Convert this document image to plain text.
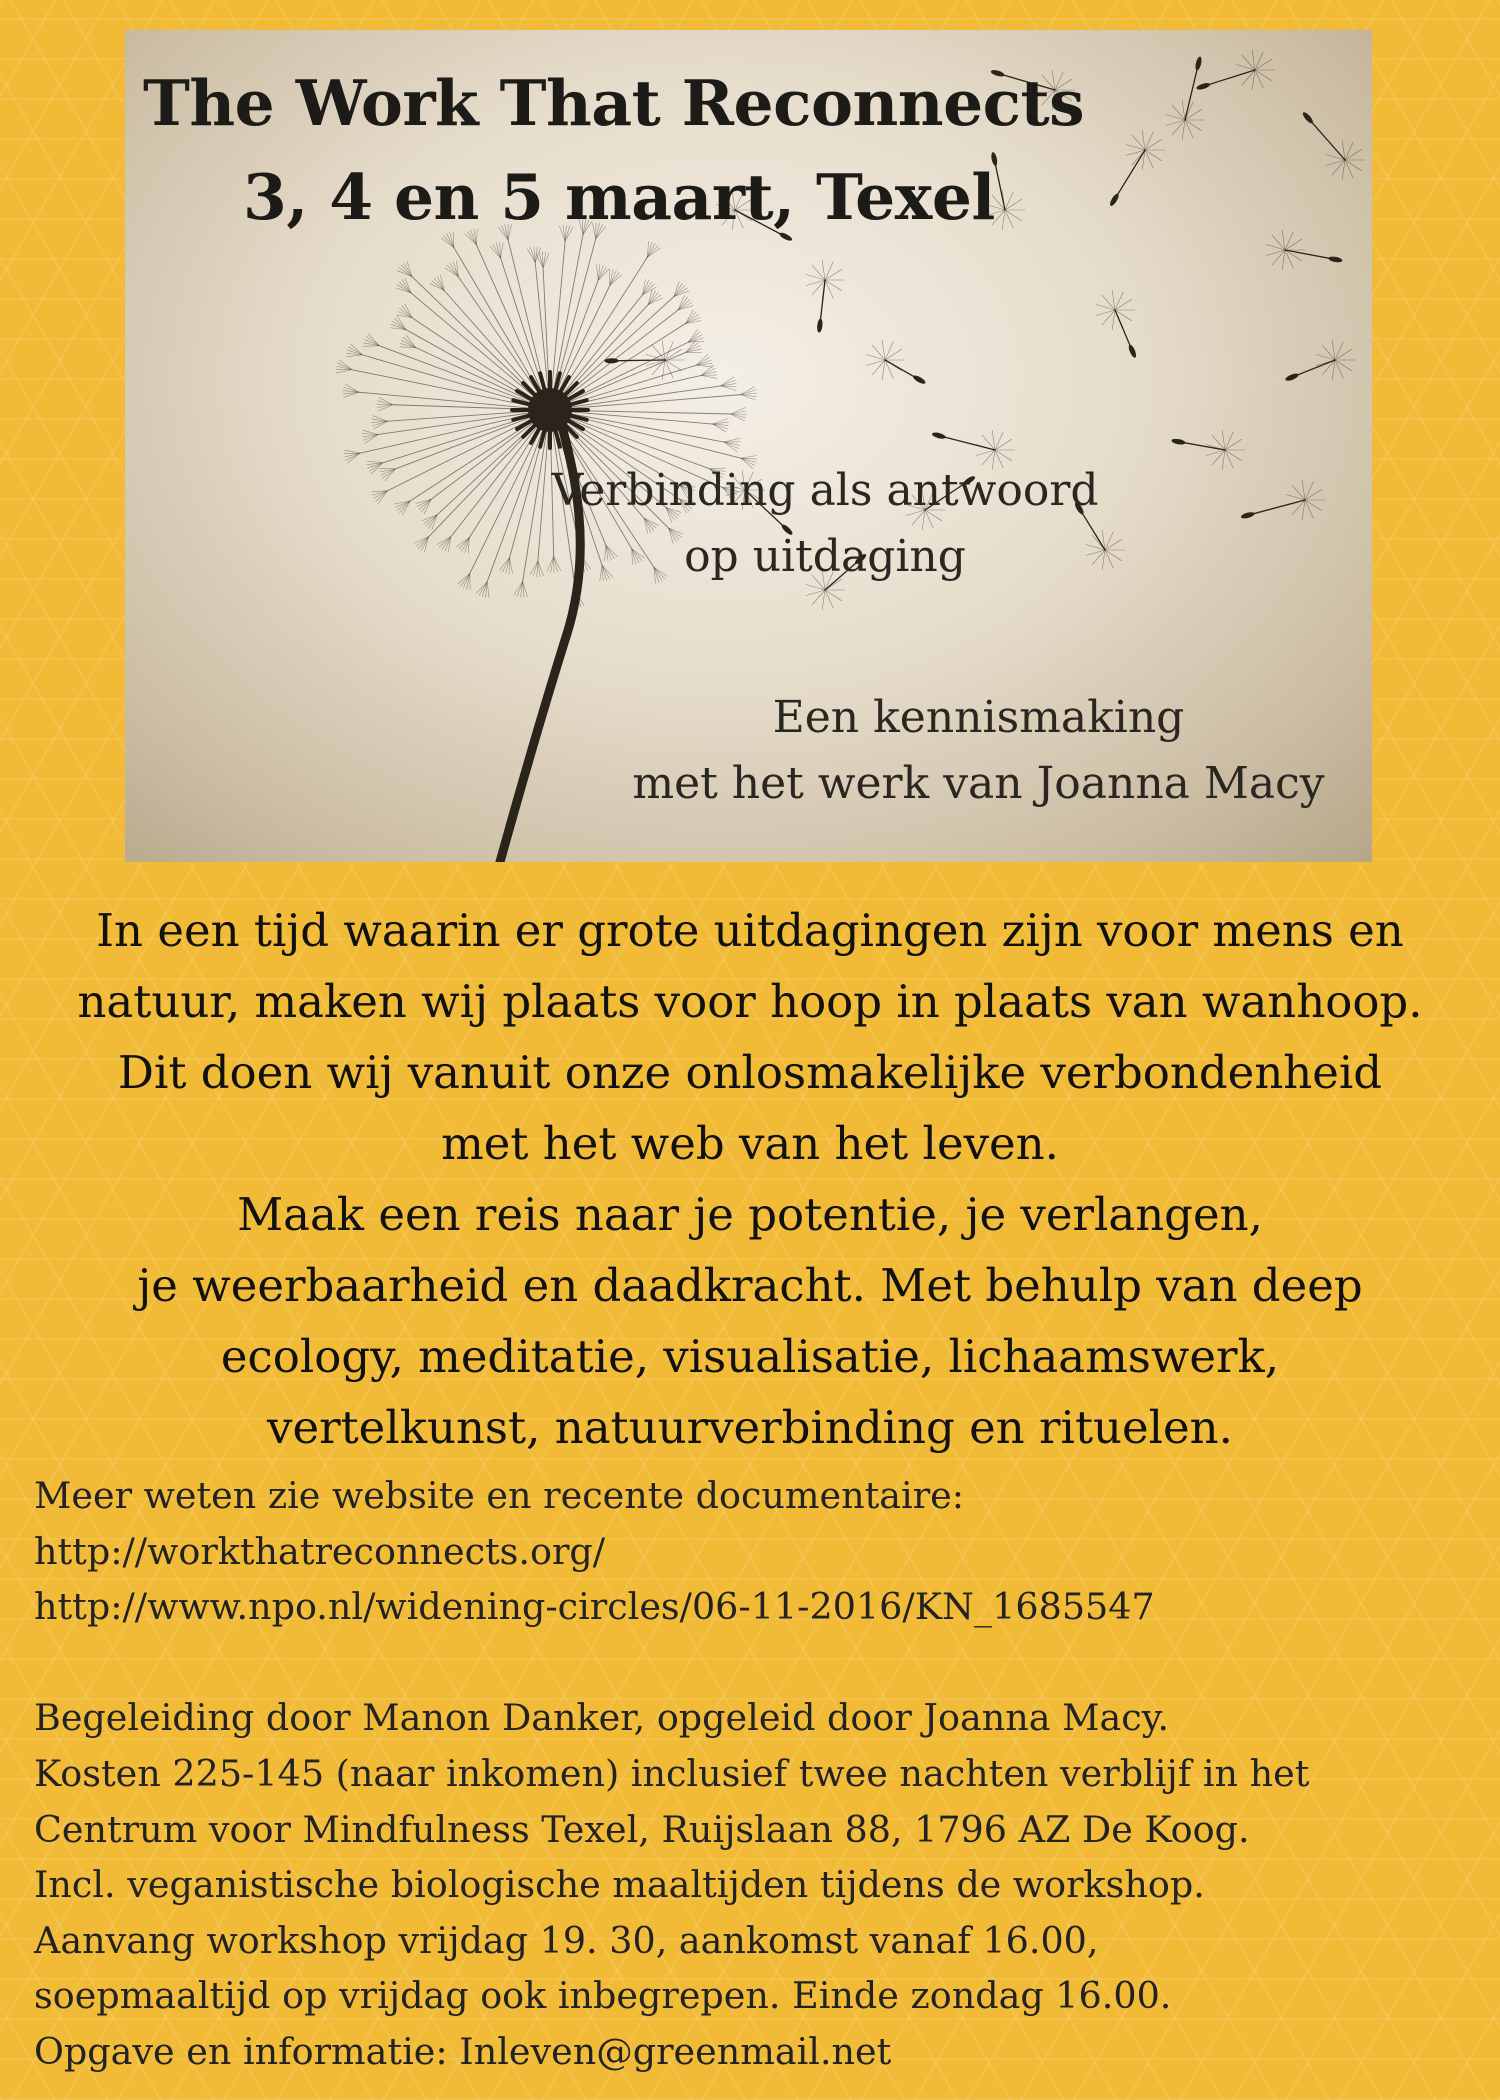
The Work That Reconnects
3, 4 en 5 maart, Texel

Verbinding als antwoord
op uitdaging

Een kennismaking
met het werk van Joanna Macy

In een tijd waarin er grote uitdagingen zijn voor mens en
natuur, maken wij plaats voor hoop in plaats van wanhoop.
Dit doen wij vanuit onze onlosmakelijke verbondenheid
met het web van het leven.
Maak een reis naar je potentie, je verlangen,
je weerbaarheid en daadkracht. Met behulp van deep
ecology, meditatie, visualisatie, lichaamswerk,
vertelkunst, natuurverbinding en rituelen.

Meer weten zie website en recente documentaire:
http://workthatreconnects.org/
http://www.npo.nl/widening-circles/06-11-2016/KN_1685547
Begeleiding door Manon Danker, opgeleid door Joanna Macy.
Kosten 225-145 (naar inkomen) inclusief twee nachten verblijf in het
Centrum voor Mindfulness Texel, Ruijslaan 88, 1796 AZ De Koog.
Incl. veganistische biologische maaltijden tijdens de workshop.
Aanvang workshop vrijdag 19. 30, aankomst vanaf 16.00,
soepmaaltijd op vrijdag ook inbegrepen. Einde zondag 16.00.
Opgave en informatie: Inleven@greenmail.net
